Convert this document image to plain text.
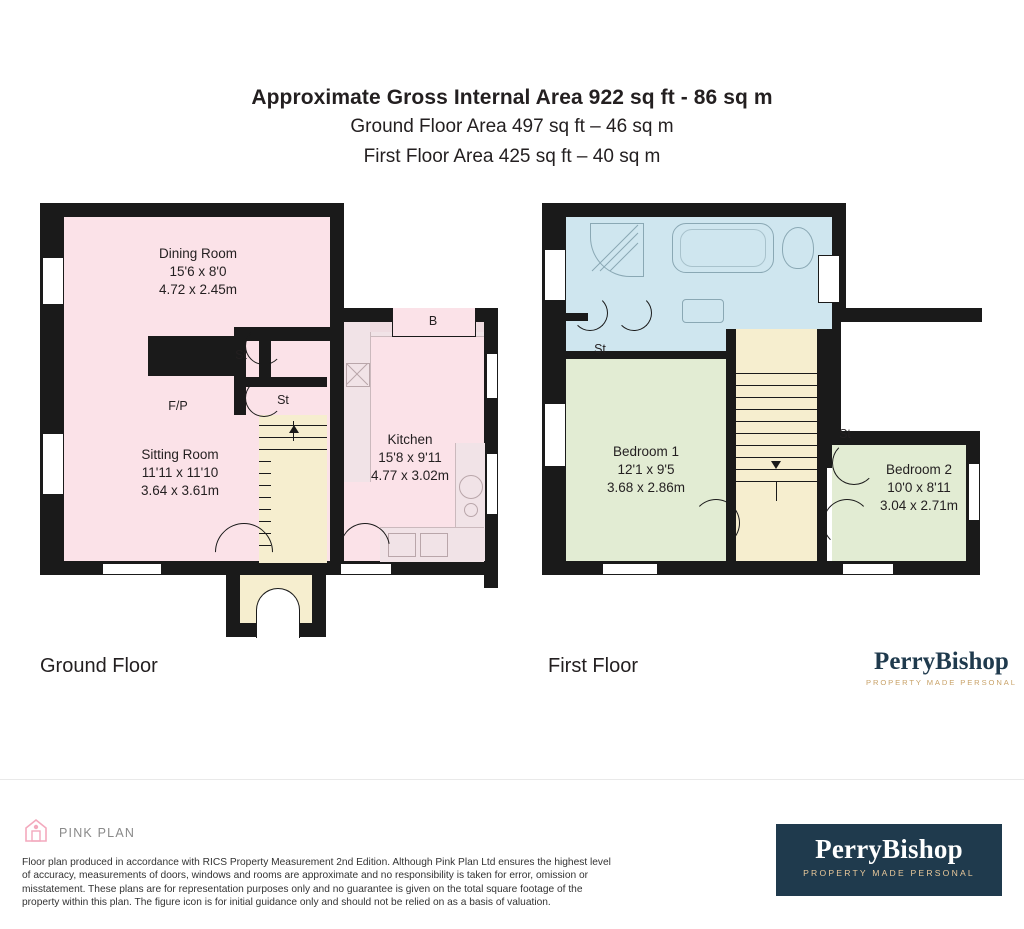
Approximate Gross Internal Area 922 sq ft - 86 sq m
Ground Floor Area 497 sq ft – 46 sq m
First Floor Area 425 sq ft – 40 sq m
B
Dining Room
15'6 x 8'0
4.72 x 2.45m
Sitting Room
11'11 x 11'10
3.64 x 3.61m
Kitchen
15'8 x 9'11
4.77 x 3.02m
St
St
F/P
Ground Floor
Bedroom 1
12'1 x 9'5
3.68 x 2.86m
Bedroom 2
10'0 x 8'11
3.04 x 2.71m
St
St
First Floor	PerryBishop
PROPERTY MADE PERSONAL
PINK PLAN
Floor plan produced in accordance with RICS Property Measurement 2nd Edition. Although Pink Plan Ltd ensures the highest level of accuracy, measurements of doors, windows and rooms are approximate and no responsibility is taken for error, omission or misstatement. These plans are for representation purposes only and no guarantee is given on the total square footage of the property within this plan. The figure icon is for initial guidance only and should not be relied on as a basis of valuation.
PerryBishop
PROPERTY MADE PERSONAL
